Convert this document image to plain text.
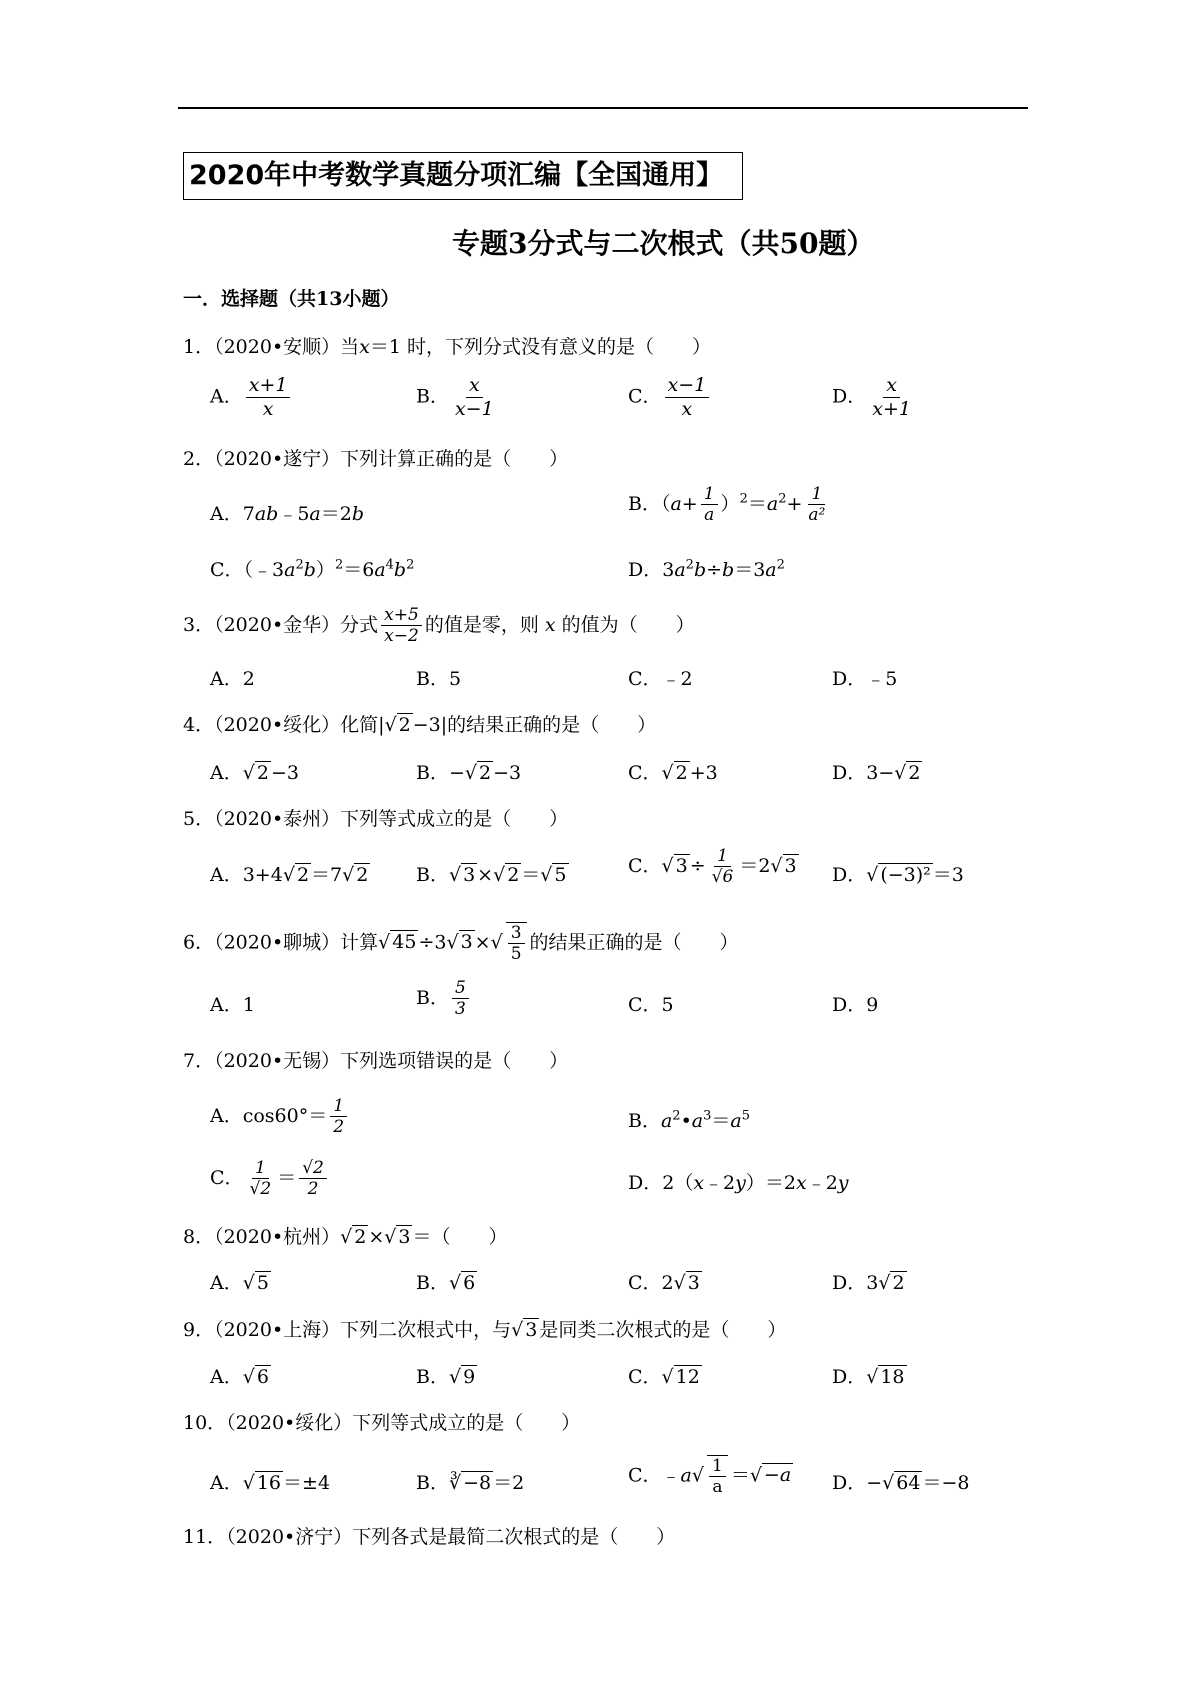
2020年中考数学真题分项汇编【全国通用】
专题3分式与二次根式（共50题）
一．选择题（共13小题）
1．（2020•安顺）当x＝1 时，下列分式没有意义的是（　　）
A． $\frac{x+1}{x}$	B． $\frac{x}{x-1}$	C． $\frac{x-1}{x}$	D． $\frac{x}{x+1}$
2．（2020•遂宁）下列计算正确的是（　　）
A．7ab﹣5a＝2b	B．$(a+ \frac{1}{a} )^2=a^2+ \frac{1}{\text{a²}}$
C．$(﹣3a^2b)^2=6a^4b^2$	D．$3a^2b\div b=3a^2$
3．（2020•金华）分式 $\frac{x+5}{x-2}$ 的值是零，则 x 的值为（　　）
A．2	B．5	C．﹣2	D．﹣5
4．（2020•绥化）化简|√ 2 −3|的结果正确的是（　　）
A．√ 2 −3	B．−√ 2 −3	C．√ 2 +3	D．3−√ 2
5．（2020•泰州）下列等式成立的是（　　）
A．3+4√ 2 ＝7√ 2	B．√ 3 ×√ 2 ＝√ 5	C．√ $3 \div \frac{1}{√6} =2√$ 3 D．√ (−3)² ＝3
6．（2020•聊城）计算√ 45 ÷3√ 3 ×√ $\frac{3}{5}$ 的结果正确的是（　　）
A．1	B． $\frac{5}{3}$	C．5	D．9
7．（2020•无锡）下列选项错误的是（　　）
A．$\cos 60^\circ= \frac{1}{2}$	B．$a^2•a^3=a^5$
C． $\frac{1}{√2} = \frac{√2}{2}$	D．2（x﹣2y）＝2x﹣2y
8．（2020•杭州）√ 2 ×√ 3 ＝（　　）
A．√ 5	B．√ 6	C．2√ 3	D．3√ 2
9．（2020•上海）下列二次根式中，与√ 3 是同类二次根式的是（　　）
A．√ 6	B．√ 9	C．√ 12	D．√ 18
10．（2020•绥化）下列等式成立的是（　　）
A．√ 16 ＝±4	B．∛ −8 ＝2	C．﹣a√ $\frac{1}{a}$ ＝√ −a D．−√ 64 ＝−8
11．（2020•济宁）下列各式是最简二次根式的是（　　）
